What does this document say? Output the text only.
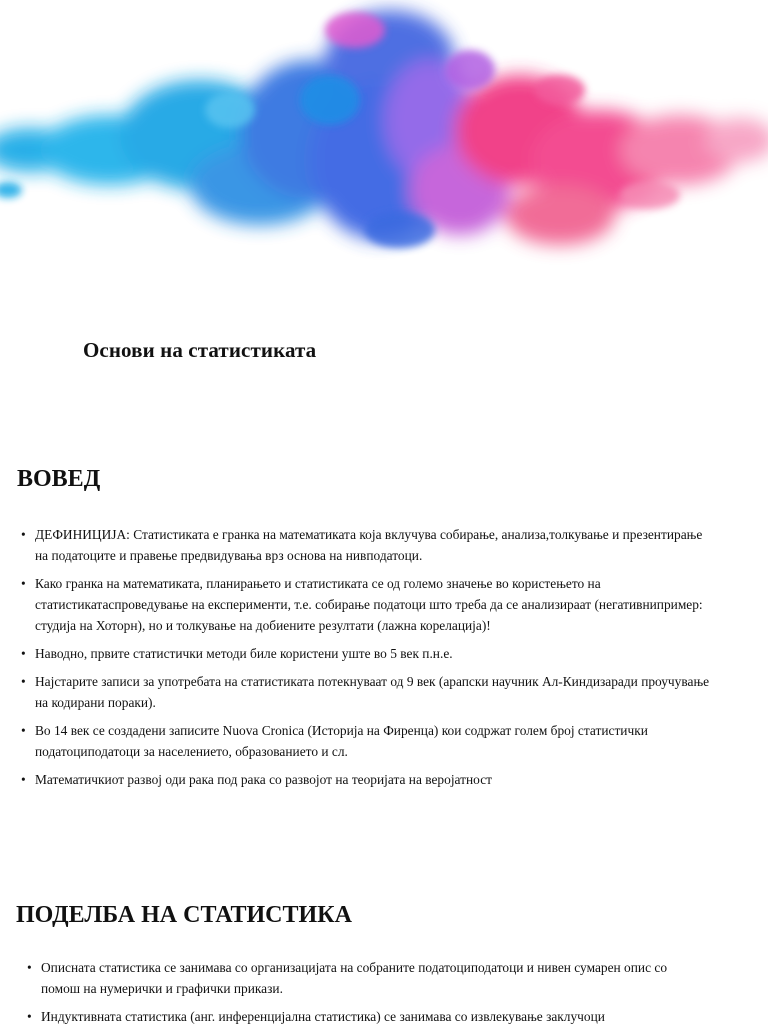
Основи на статистиката
ВОВЕД
• ДЕФИНИЦИЈА: Статистиката е гранка на математиката која вклучува собирање, анализа,толкување и презентирање на податоците и правење предвидувања врз основа на нивподатоци.
• Како гранка на математиката, планирањето и статистиката се од големо значење во користењето на статистикатаспроведување на експерименти, т.е. собирање податоци што треба да се анализираат (негативнипример: студија на Хоторн), но и толкување на добиените резултати (лажна корелација)!
• Наводно, првите статистички методи биле користени уште во 5 век п.н.е.
• Најстарите записи за употребата на статистиката потекнуваат од 9 век (арапски научник Ал-Киндизаради проучување на кодирани пораки).
• Во 14 век се создадени записите Nuova Cronica (Историја на Фиренца) кои содржат голем број статистички податоциподатоци за населението, образованието и сл.
• Математичкиот развој оди рака под рака со развојот на теоријата на веројатност
ПОДЕЛБА НА СТАТИСТИКА
• Описната статистика се занимава со организацијата на собраните податоциподатоци и нивен сумарен опис со помош на нумерички и графички прикази.
• Индуктивната статистика (анг. инференцијална статистика) се занимава со извлекување заклучоци
